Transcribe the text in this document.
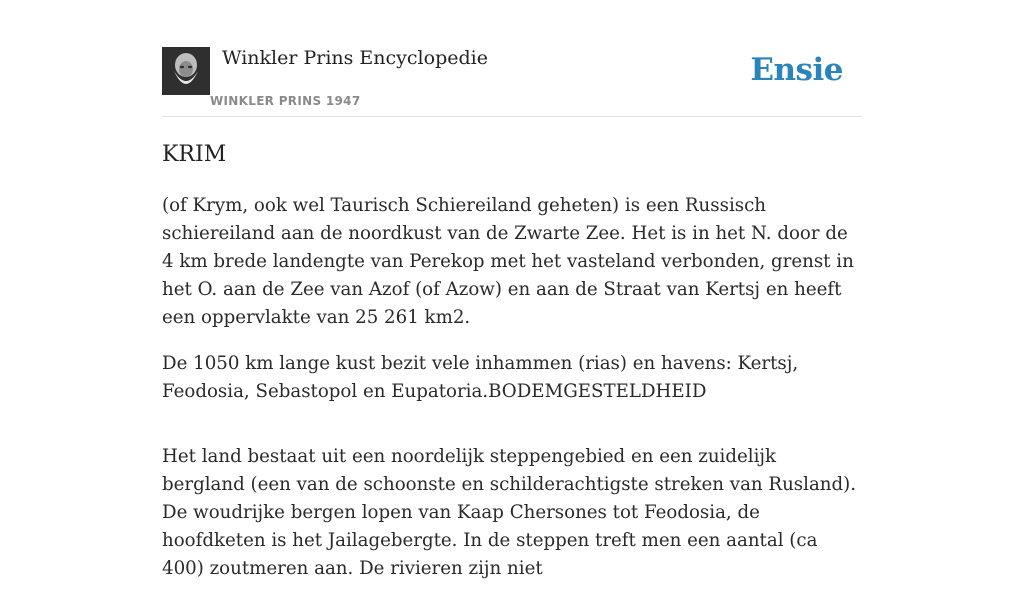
Winkler Prins Encyclopedie
WINKLER PRINS 1947
Ensie
KRIM

(of Krym, ook wel Taurisch Schiereiland geheten) is een Russisch schiereiland aan de noordkust van de Zwarte Zee. Het is in het N. door de 4 km brede landengte van Perekop met het vasteland verbonden, grenst in het O. aan de Zee van Azof (of Azow) en aan de Straat van Kertsj en heeft een oppervlakte van 25 261 km2.

De 1050 km lange kust bezit vele inhammen (rias) en havens: Kertsj, Feodosia, Sebastopol en Eupatoria.BODEMGESTELDHEID

Het land bestaat uit een noordelijk steppengebied en een zuidelijk bergland (een van de schoonste en schilderachtigste streken van Rusland). De woudrijke bergen lopen van Kaap Chersones tot Feodosia, de hoofdketen is het Jailagebergte. In de steppen treft men een aantal (ca 400) zoutmeren aan. De rivieren zijn niet
